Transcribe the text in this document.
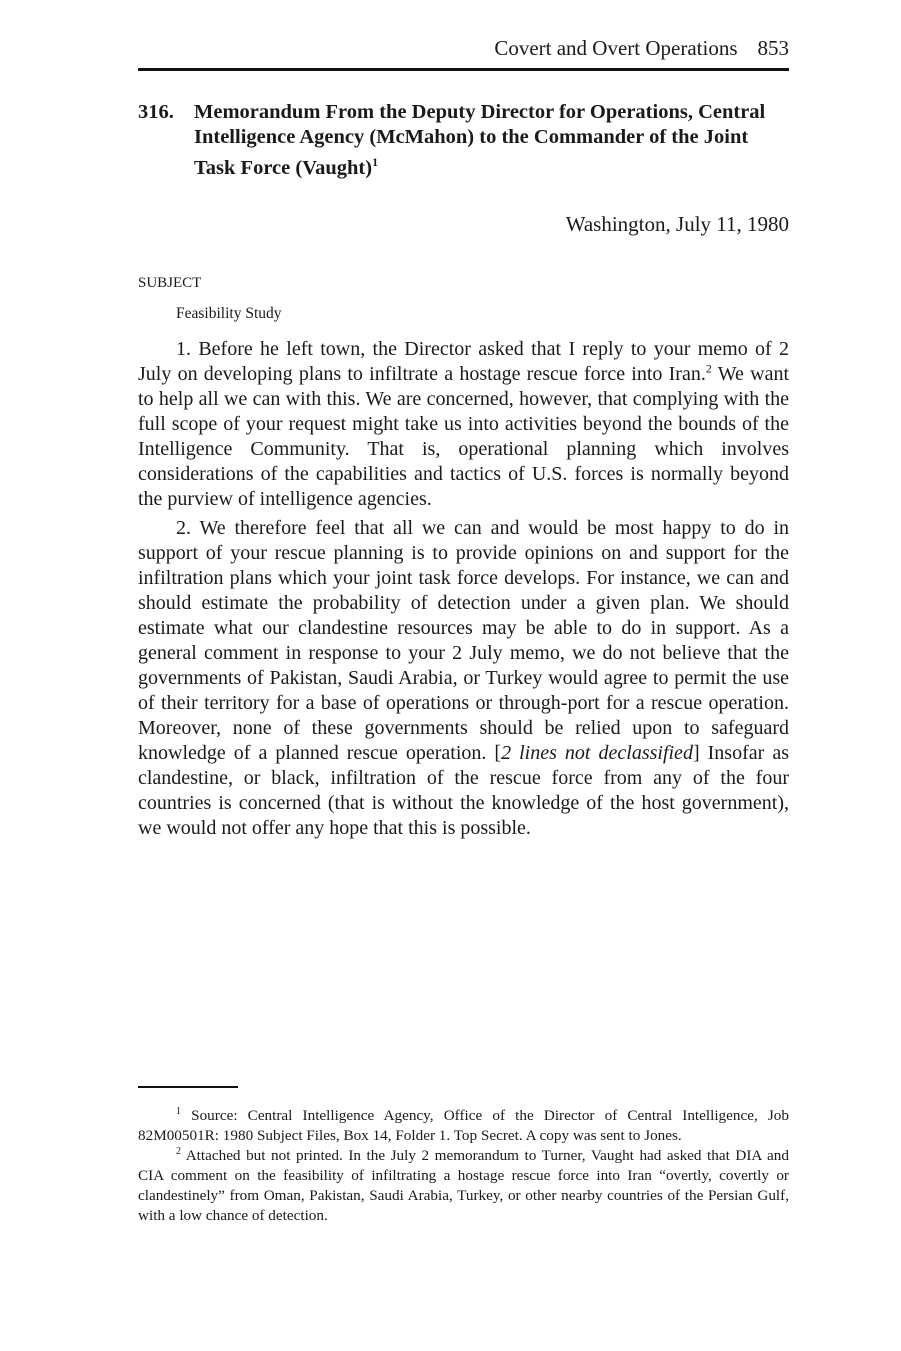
Covert and Overt Operations 853
316. Memorandum From the Deputy Director for Operations, Central Intelligence Agency (McMahon) to the Commander of the Joint Task Force (Vaught)$^1$
Washington, July 11, 1980
SUBJECT
Feasibility Study

1. Before he left town, the Director asked that I reply to your memo of 2 July on developing plans to infiltrate a hostage rescue force into Iran.$^2$ We want to help all we can with this. We are concerned, however, that complying with the full scope of your request might take us into activities beyond the bounds of the Intelligence Community. That is, operational planning which involves considerations of the capabilities and tactics of U.S. forces is normally beyond the purview of intelligence agencies.

2. We therefore feel that all we can and would be most happy to do in support of your rescue planning is to provide opinions on and support for the infiltration plans which your joint task force develops. For instance, we can and should estimate the probability of detection under a given plan. We should estimate what our clandestine resources may be able to do in support. As a general comment in response to your 2 July memo, we do not believe that the governments of Pakistan, Saudi Arabia, or Turkey would agree to permit the use of their territory for a base of operations or through-port for a rescue operation. Moreover, none of these governments should be relied upon to safeguard knowledge of a planned rescue operation. [2 lines not declassified] Insofar as clandestine, or black, infiltration of the rescue force from any of the four countries is concerned (that is without the knowledge of the host government), we would not offer any hope that this is possible.

$^1$ Source: Central Intelligence Agency, Office of the Director of Central Intelligence, Job 82M00501R: 1980 Subject Files, Box 14, Folder 1. Top Secret. A copy was sent to Jones.

$^2$ Attached but not printed. In the July 2 memorandum to Turner, Vaught had asked that DIA and CIA comment on the feasibility of infiltrating a hostage rescue force into Iran “overtly, covertly or clandestinely” from Oman, Pakistan, Saudi Arabia, Turkey, or other nearby countries of the Persian Gulf, with a low chance of detection.
